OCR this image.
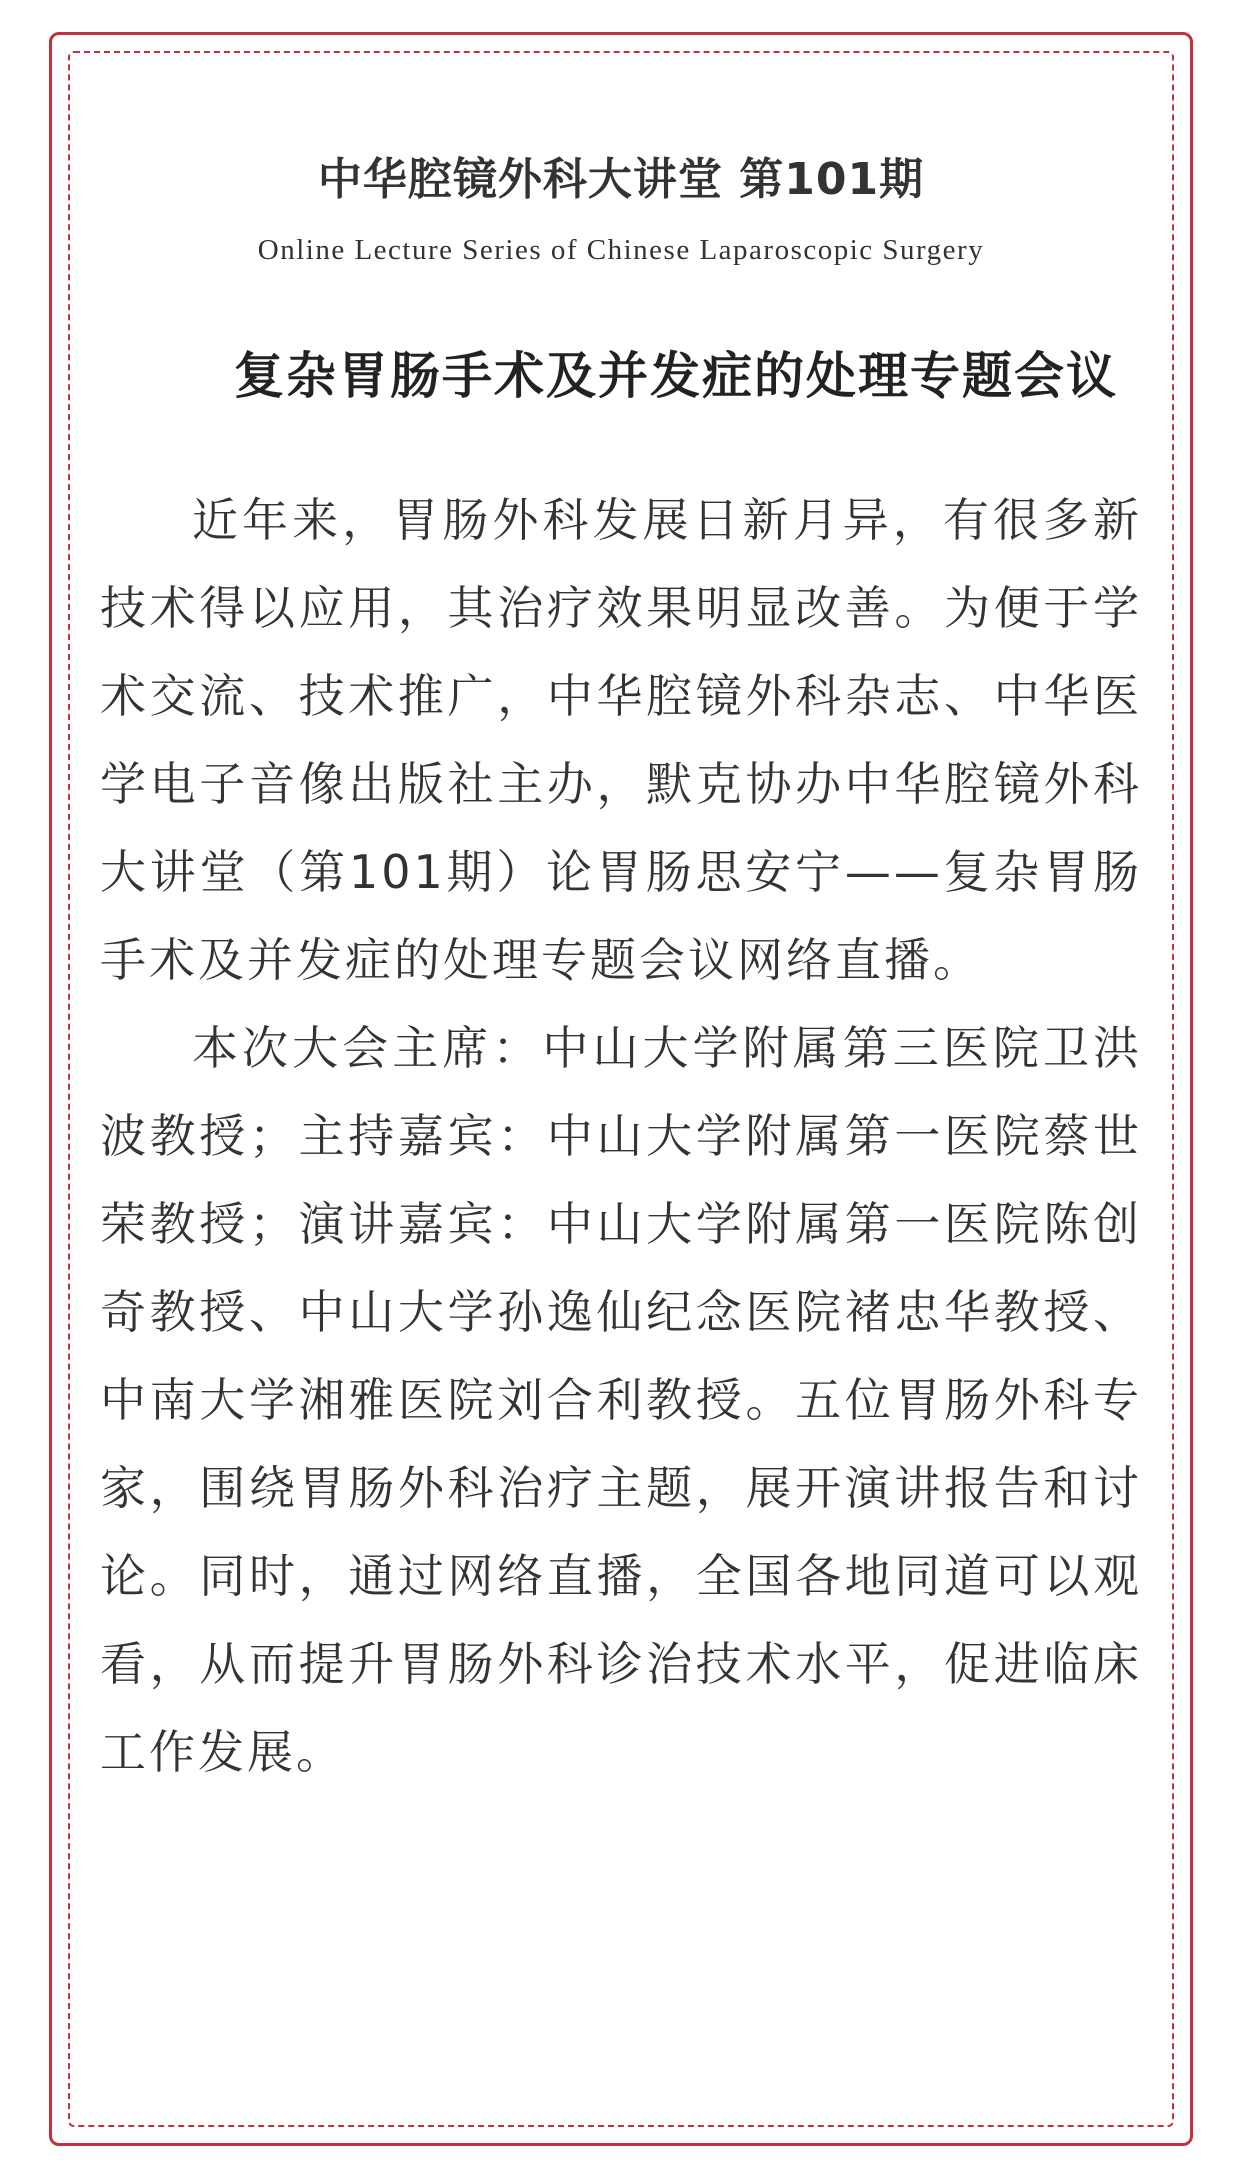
中华腔镜外科大讲堂 第101期

Online Lecture Series of Chinese Laparoscopic Surgery

复杂胃肠手术及并发症的处理专题会议

近年来，胃肠外科发展日新月异，有很多新技术得以应用，其治疗效果明显改善。为便于学术交流、技术推广，中华腔镜外科杂志、中华医学电子音像出版社主办，默克协办中华腔镜外科大讲堂（第101期）论胃肠思安宁——复杂胃肠手术及并发症的处理专题会议网络直播。

本次大会主席：中山大学附属第三医院卫洪波教授；主持嘉宾：中山大学附属第一医院蔡世荣教授；演讲嘉宾：中山大学附属第一医院陈创奇教授、中山大学孙逸仙纪念医院褚忠华教授、中南大学湘雅医院刘合利教授。五位胃肠外科专家，围绕胃肠外科治疗主题，展开演讲报告和讨论。同时，通过网络直播，全国各地同道可以观看，从而提升胃肠外科诊治技术水平，促进临床工作发展。
